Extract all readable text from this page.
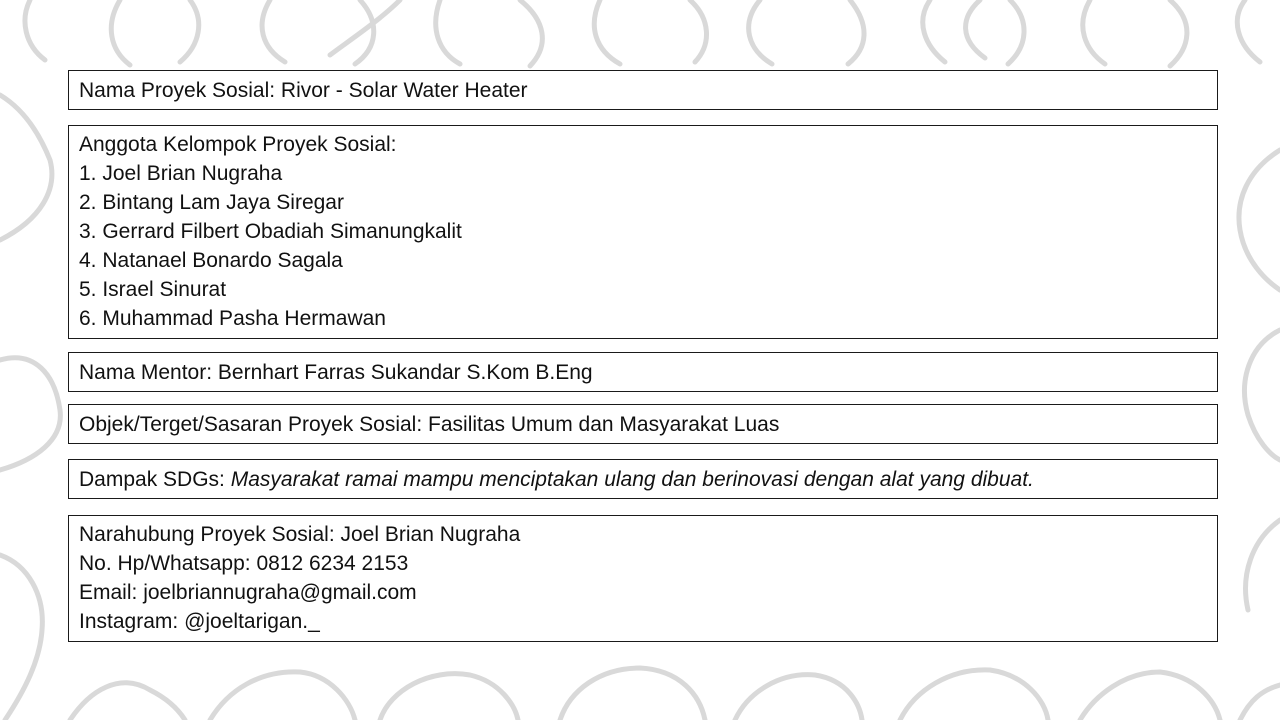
Nama Proyek Sosial: Rivor - Solar Water Heater
Anggota Kelompok Proyek Sosial:
1. Joel Brian Nugraha
2. Bintang Lam Jaya Siregar
3. Gerrard Filbert Obadiah Simanungkalit
4. Natanael Bonardo Sagala
5. Israel Sinurat
6. Muhammad Pasha Hermawan
Nama Mentor: Bernhart Farras Sukandar S.Kom B.Eng
Objek/Terget/Sasaran Proyek Sosial: Fasilitas Umum dan Masyarakat Luas
Dampak SDGs: Masyarakat ramai mampu menciptakan ulang dan berinovasi dengan alat yang dibuat.
Narahubung Proyek Sosial: Joel Brian Nugraha
No. Hp/Whatsapp: 0812 6234 2153
Email: joelbriannugraha@gmail.com
Instagram: @joeltarigan._
